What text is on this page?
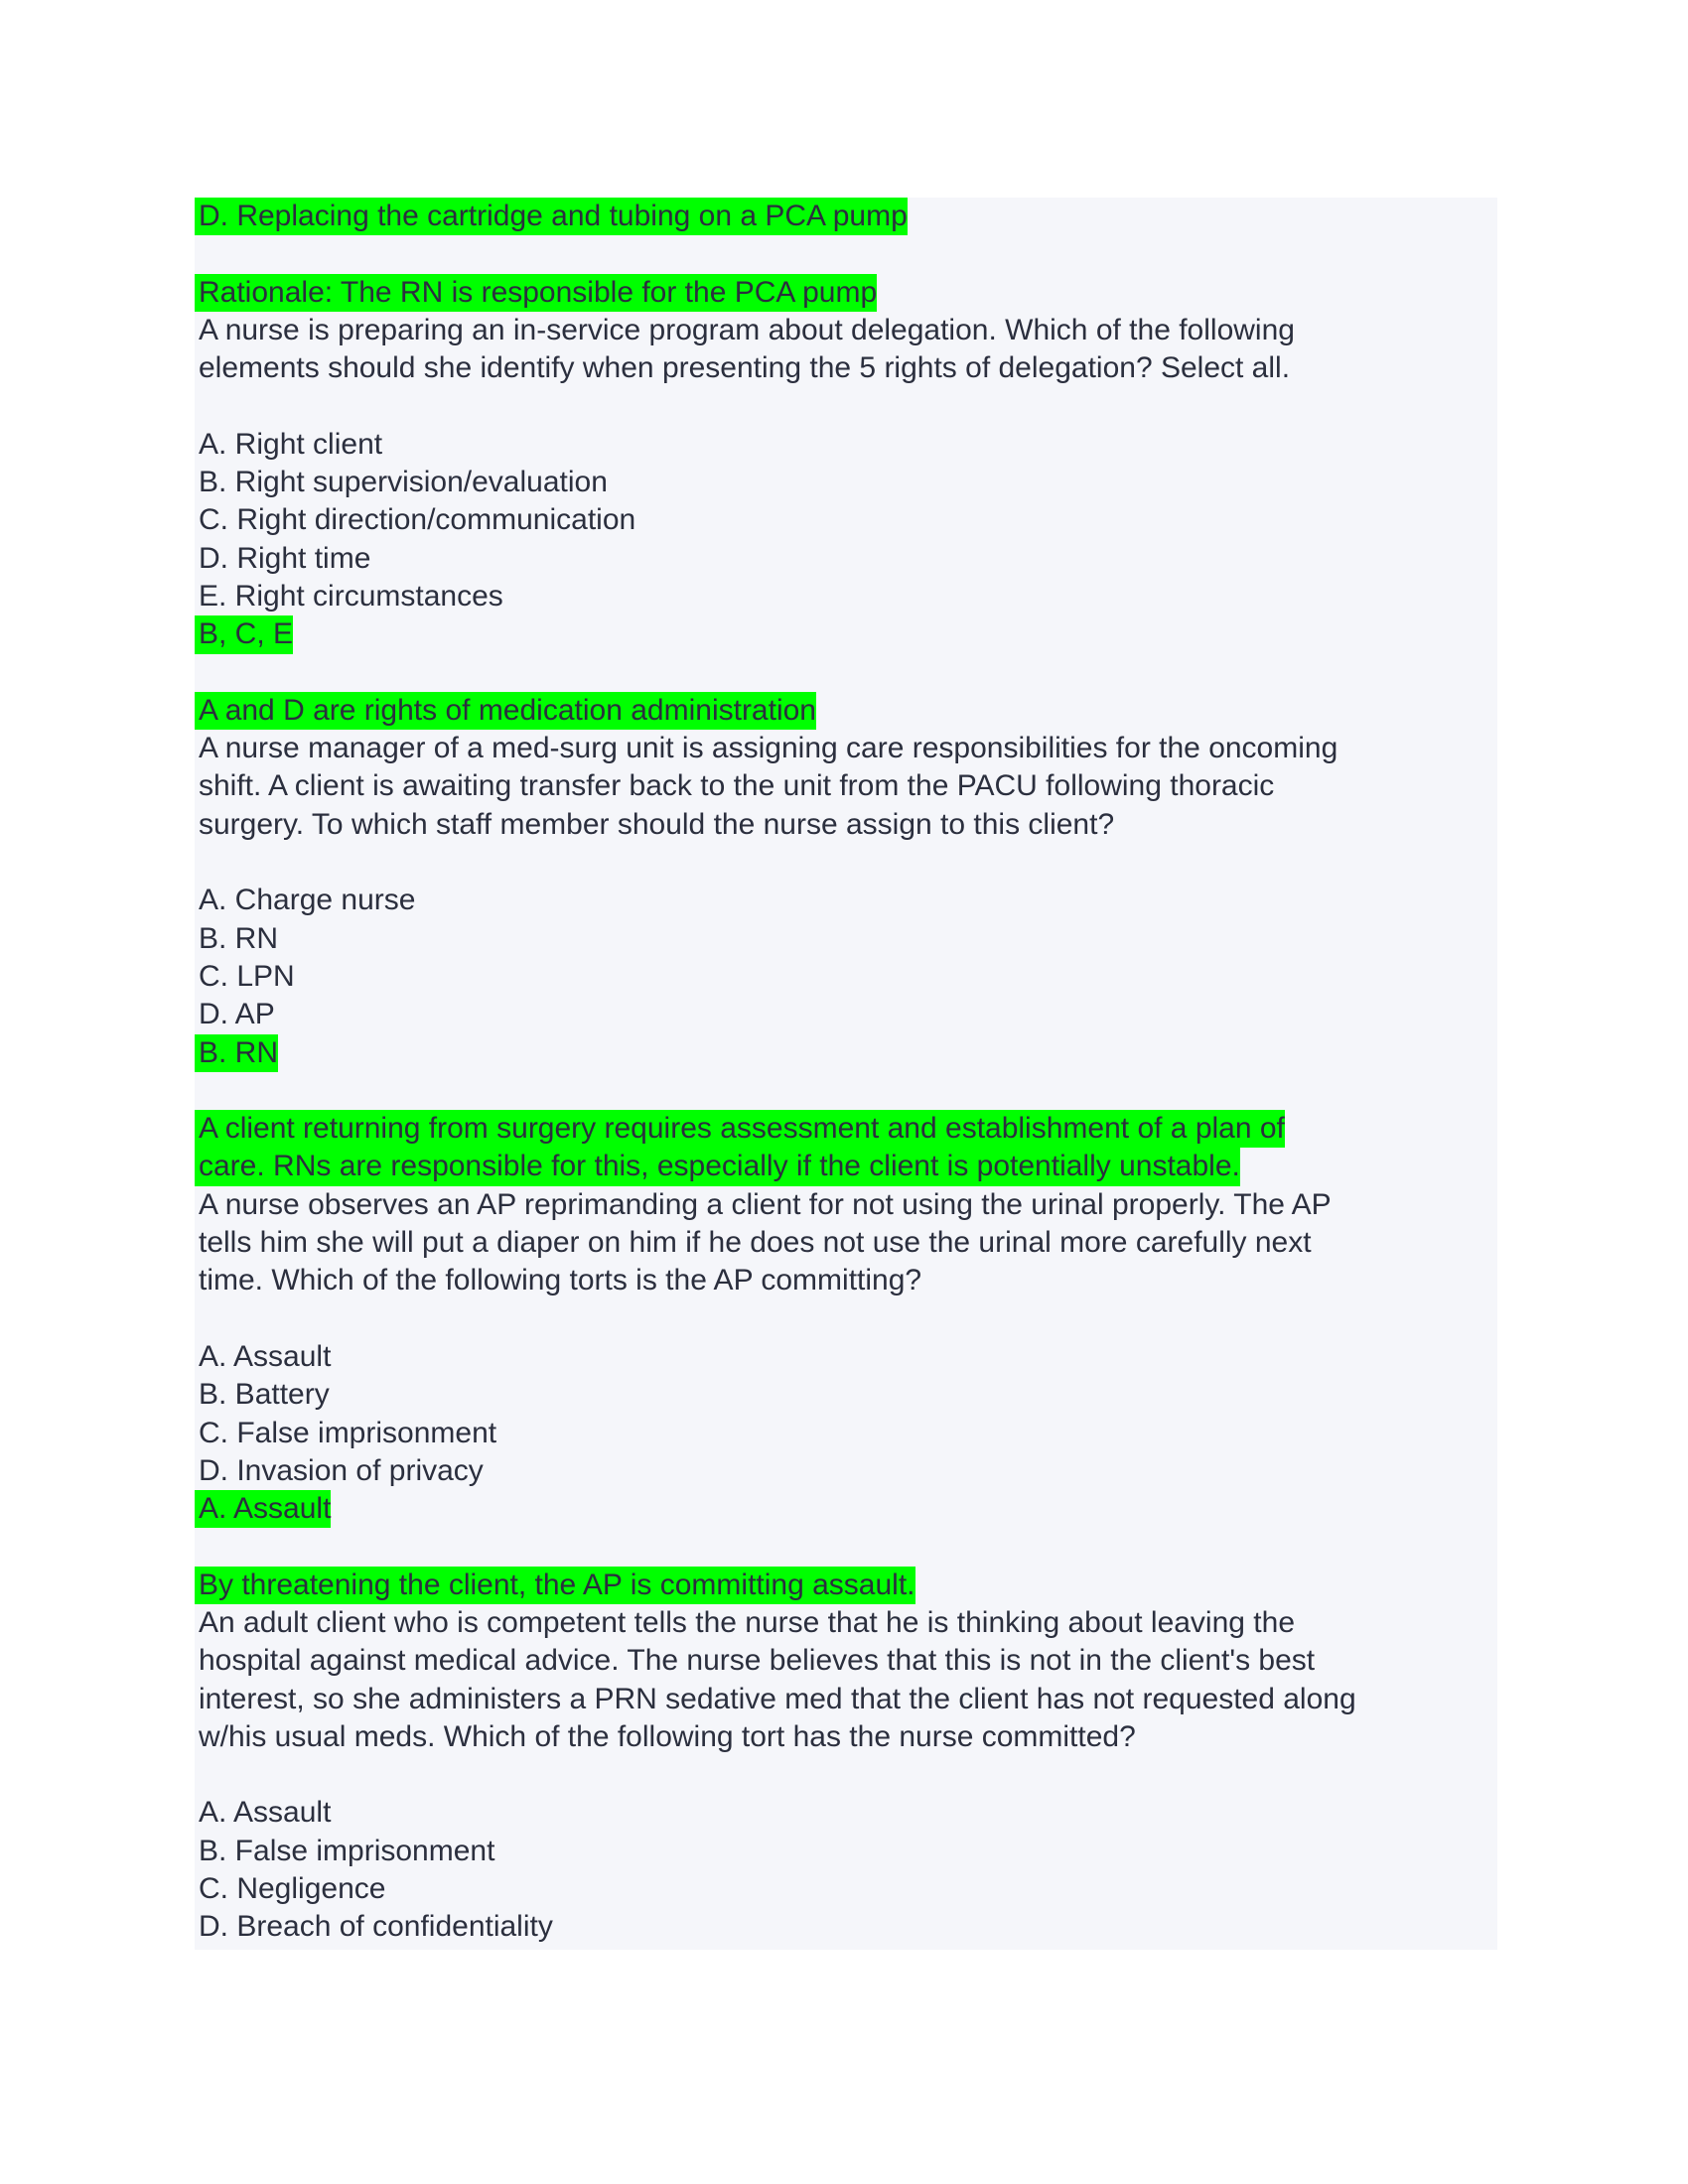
D. Replacing the cartridge and tubing on a PCA pump
Rationale: The RN is responsible for the PCA pump
A nurse is preparing an in-service program about delegation. Which of the following
elements should she identify when presenting the 5 rights of delegation? Select all.
A. Right client
B. Right supervision/evaluation
C. Right direction/communication
D. Right time
E. Right circumstances
B, C, E
A and D are rights of medication administration
A nurse manager of a med-surg unit is assigning care responsibilities for the oncoming
shift. A client is awaiting transfer back to the unit from the PACU following thoracic
surgery. To which staff member should the nurse assign to this client?
A. Charge nurse
B. RN
C. LPN
D. AP
B. RN
A client returning from surgery requires assessment and establishment of a plan of
care. RNs are responsible for this, especially if the client is potentially unstable.
A nurse observes an AP reprimanding a client for not using the urinal properly. The AP
tells him she will put a diaper on him if he does not use the urinal more carefully next
time. Which of the following torts is the AP committing?
A. Assault
B. Battery
C. False imprisonment
D. Invasion of privacy
A. Assault
By threatening the client, the AP is committing assault.
An adult client who is competent tells the nurse that he is thinking about leaving the
hospital against medical advice. The nurse believes that this is not in the client's best
interest, so she administers a PRN sedative med that the client has not requested along
w/his usual meds. Which of the following tort has the nurse committed?
A. Assault
B. False imprisonment
C. Negligence
D. Breach of confidentiality
